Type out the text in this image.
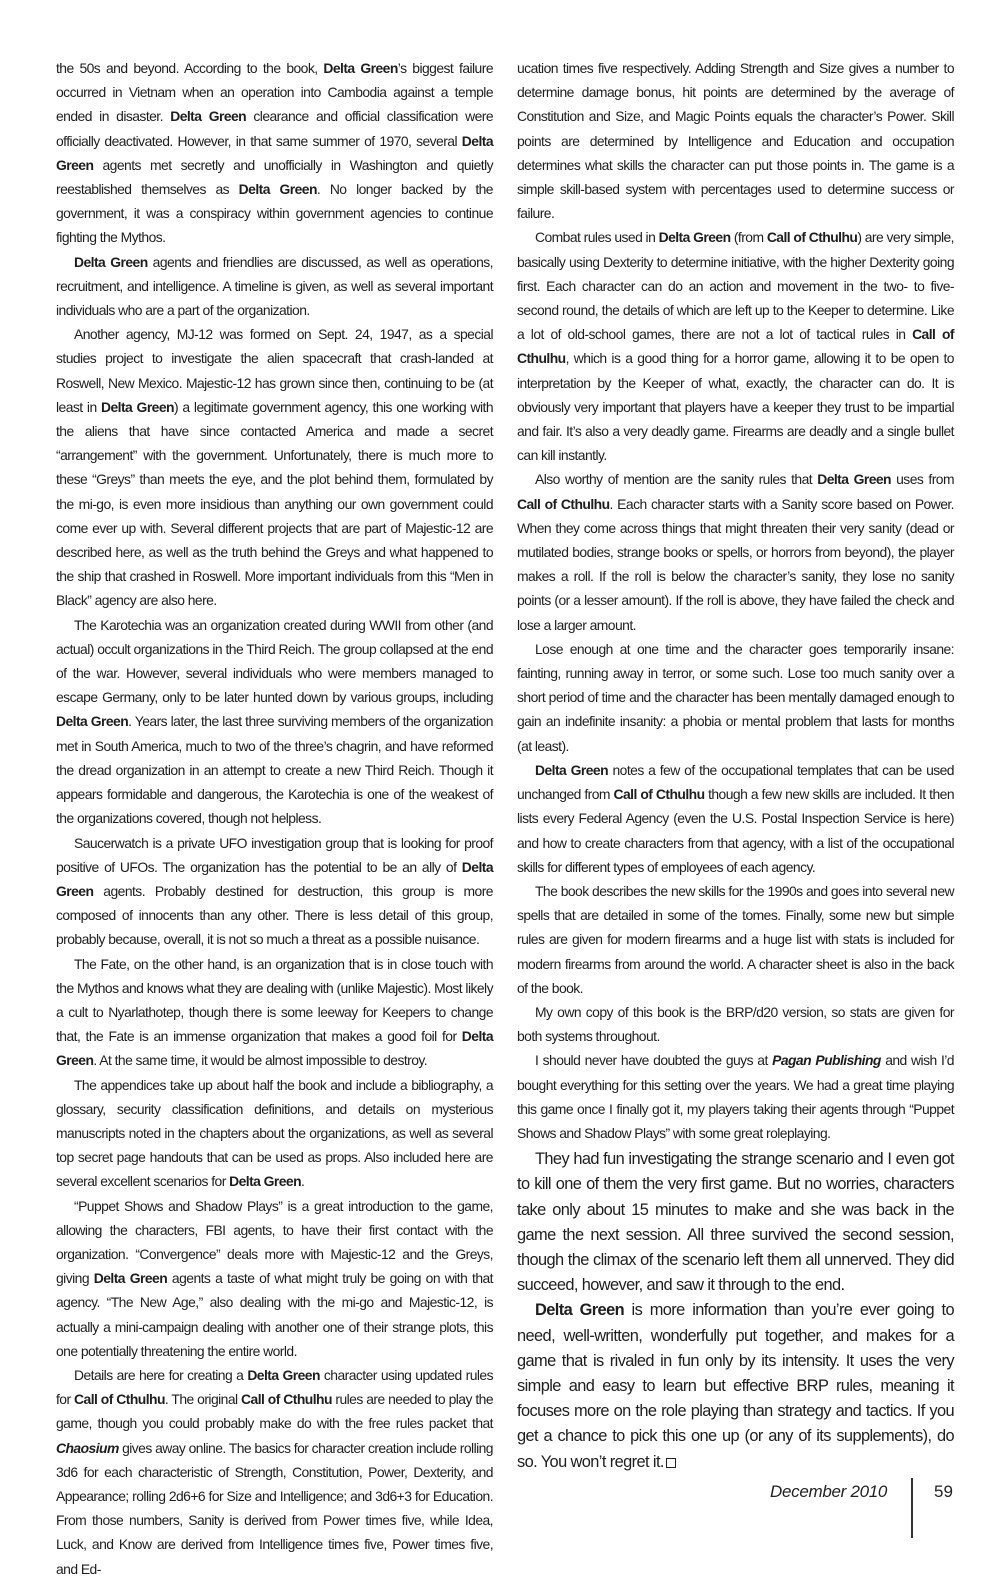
the 50s and beyond. According to the book, Delta Green’s biggest failure occurred in Vietnam when an operation into Cambodia against a temple ended in disaster. Delta Green clearance and official classification were officially deactivated. However, in that same summer of 1970, several Delta Green agents met secretly and unofficially in Washington and quietly reestablished themselves as Delta Green. No longer backed by the government, it was a conspiracy within government agencies to continue fighting the Mythos.

Delta Green agents and friendlies are discussed, as well as operations, recruitment, and intelligence. A timeline is given, as well as several important individuals who are a part of the organization.

Another agency, MJ-12 was formed on Sept. 24, 1947, as a special studies project to investigate the alien spacecraft that crash-landed at Roswell, New Mexico. Majestic-12 has grown since then, continuing to be (at least in Delta Green) a legitimate government agency, this one working with the aliens that have since contacted America and made a secret “arrangement” with the government. Unfortunately, there is much more to these “Greys” than meets the eye, and the plot behind them, formulated by the mi-go, is even more insidious than anything our own government could come ever up with. Several different projects that are part of Majestic-12 are described here, as well as the truth behind the Greys and what happened to the ship that crashed in Roswell. More important individuals from this “Men in Black” agency are also here.

The Karotechia was an organization created during WWII from other (and actual) occult organizations in the Third Reich. The group collapsed at the end of the war. However, several individuals who were members managed to escape Germany, only to be later hunted down by various groups, including Delta Green. Years later, the last three surviving members of the organization met in South America, much to two of the three’s chagrin, and have reformed the dread organization in an attempt to create a new Third Reich. Though it appears formidable and dangerous, the Karotechia is one of the weakest of the organizations covered, though not helpless.

Saucerwatch is a private UFO investigation group that is looking for proof positive of UFOs. The organization has the potential to be an ally of Delta Green agents. Probably destined for destruction, this group is more composed of innocents than any other. There is less detail of this group, probably because, overall, it is not so much a threat as a possible nuisance.

The Fate, on the other hand, is an organization that is in close touch with the Mythos and knows what they are dealing with (unlike Majestic). Most likely a cult to Nyarlathotep, though there is some leeway for Keepers to change that, the Fate is an immense organization that makes a good foil for Delta Green. At the same time, it would be almost impossible to destroy.

The appendices take up about half the book and include a bibliography, a glossary, security classification definitions, and details on mysterious manuscripts noted in the chapters about the organizations, as well as several top secret page handouts that can be used as props. Also included here are several excellent scenarios for Delta Green.

“Puppet Shows and Shadow Plays” is a great introduction to the game, allowing the characters, FBI agents, to have their first contact with the organization. “Convergence” deals more with Majestic-12 and the Greys, giving Delta Green agents a taste of what might truly be going on with that agency. “The New Age,” also dealing with the mi-go and Majestic-12, is actually a mini-campaign dealing with another one of their strange plots, this one potentially threatening the entire world.

Details are here for creating a Delta Green character using updated rules for Call of Cthulhu. The original Call of Cthulhu rules are needed to play the game, though you could probably make do with the free rules packet that Chaosium gives away online. The basics for character creation include rolling 3d6 for each characteristic of Strength, Constitution, Power, Dexterity, and Appearance; rolling 2d6+6 for Size and Intelligence; and 3d6+3 for Education. From those numbers, Sanity is derived from Power times five, while Idea, Luck, and Know are derived from Intelligence times five, Power times five, and Ed-

ucation times five respectively. Adding Strength and Size gives a number to determine damage bonus, hit points are determined by the average of Constitution and Size, and Magic Points equals the character’s Power. Skill points are determined by Intelligence and Education and occupation determines what skills the character can put those points in. The game is a simple skill-based system with percentages used to determine success or failure.

Combat rules used in Delta Green (from Call of Cthulhu) are very simple, basically using Dexterity to determine initiative, with the higher Dexterity going first. Each character can do an action and movement in the two- to five-second round, the details of which are left up to the Keeper to determine. Like a lot of old-school games, there are not a lot of tactical rules in Call of Cthulhu, which is a good thing for a horror game, allowing it to be open to interpretation by the Keeper of what, exactly, the character can do. It is obviously very important that players have a keeper they trust to be impartial and fair. It’s also a very deadly game. Firearms are deadly and a single bullet can kill instantly.

Also worthy of mention are the sanity rules that Delta Green uses from Call of Cthulhu. Each character starts with a Sanity score based on Power. When they come across things that might threaten their very sanity (dead or mutilated bodies, strange books or spells, or horrors from beyond), the player makes a roll. If the roll is below the character’s sanity, they lose no sanity points (or a lesser amount). If the roll is above, they have failed the check and lose a larger amount.

Lose enough at one time and the character goes temporarily insane: fainting, running away in terror, or some such. Lose too much sanity over a short period of time and the character has been mentally damaged enough to gain an indefinite insanity: a phobia or mental problem that lasts for months (at least).

Delta Green notes a few of the occupational templates that can be used unchanged from Call of Cthulhu though a few new skills are included. It then lists every Federal Agency (even the U.S. Postal Inspection Service is here) and how to create characters from that agency, with a list of the occupational skills for different types of employees of each agency.

The book describes the new skills for the 1990s and goes into several new spells that are detailed in some of the tomes. Finally, some new but simple rules are given for modern firearms and a huge list with stats is included for modern firearms from around the world. A character sheet is also in the back of the book.

My own copy of this book is the BRP/d20 version, so stats are given for both systems throughout.

I should never have doubted the guys at Pagan Publishing and wish I’d bought everything for this setting over the years. We had a great time playing this game once I finally got it, my players taking their agents through “Puppet Shows and Shadow Plays” with some great roleplaying.

They had fun investigating the strange scenario and I even got to kill one of them the very first game. But no worries, characters take only about 15 minutes to make and she was back in the game the next session. All three survived the second session, though the climax of the scenario left them all unnerved. They did succeed, however, and saw it through to the end.

Delta Green is more information than you’re ever going to need, well-written, wonderfully put together, and makes for a game that is rivaled in fun only by its intensity. It uses the very simple and easy to learn but effective BRP rules, meaning it focuses more on the role playing than strategy and tactics. If you get a chance to pick this one up (or any of its supplements), do so. You won’t regret it.

December 2010	59
